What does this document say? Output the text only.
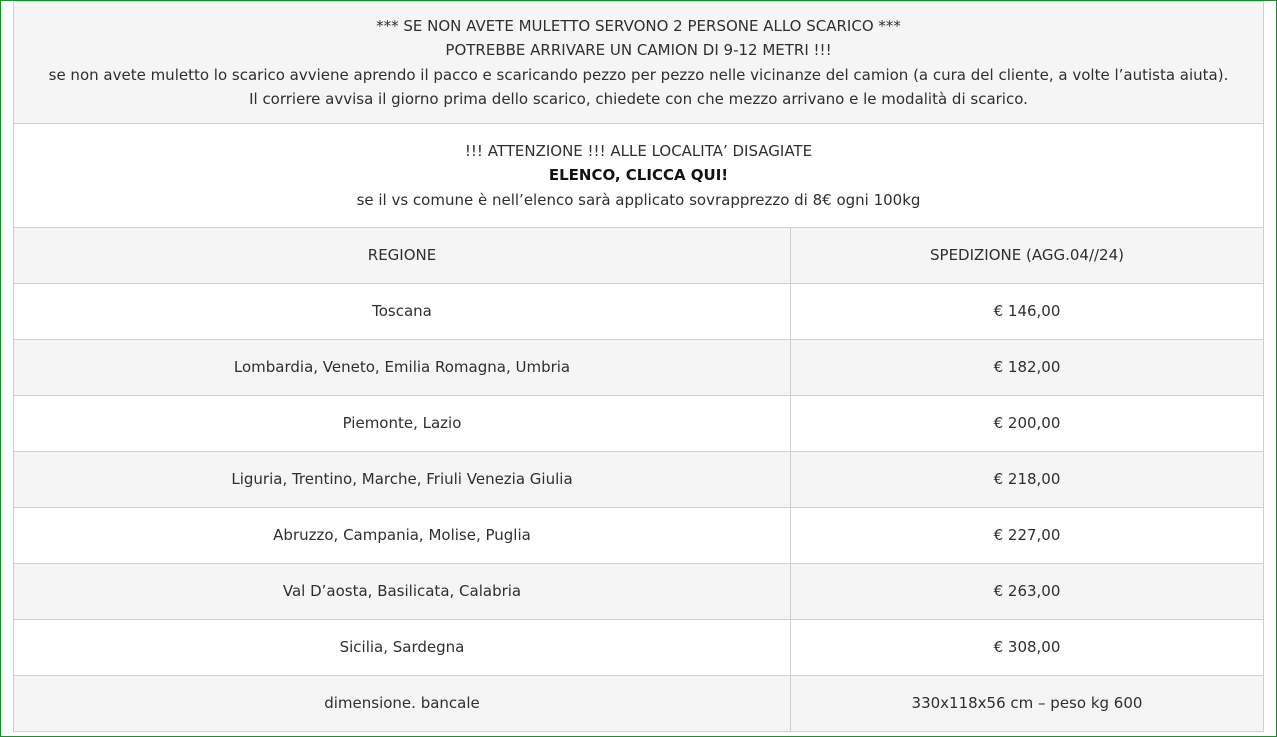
*** SE NON AVETE MULETTO SERVONO 2 PERSONE ALLO SCARICO ***
POTREBBE ARRIVARE UN CAMION DI 9-12 METRI !!!
se non avete muletto lo scarico avviene aprendo il pacco e scaricando pezzo per pezzo nelle vicinanze del camion (a cura del cliente, a volte l’autista aiuta). Il corriere avvisa il giorno prima dello scarico, chiedete con che mezzo arrivano e le modalità di scarico.	

!!! ATTENZIONE !!! ALLE LOCALITA’ DISAGIATE
ELENCO, CLICCA QUI!
se il vs comune è nell’elenco sarà applicato sovrapprezzo di 8€ ogni 100kg	

REGIONE	SPEDIZIONE (AGG.04//24)
Toscana	€ 146,00
Lombardia, Veneto, Emilia Romagna, Umbria	€ 182,00
Piemonte, Lazio	€ 200,00
Liguria, Trentino, Marche, Friuli Venezia Giulia	€ 218,00
Abruzzo, Campania, Molise, Puglia	€ 227,00
Val D’aosta, Basilicata, Calabria	€ 263,00
Sicilia, Sardegna	€ 308,00
dimensione. bancale	330x118x56 cm – peso kg 600
